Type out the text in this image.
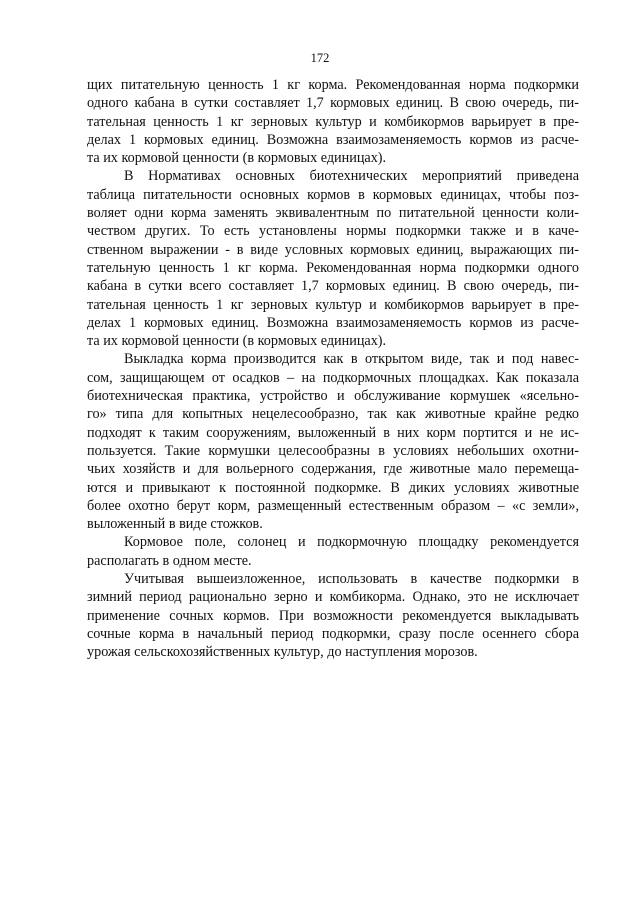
172
щих питательную ценность 1 кг корма. Рекомендованная норма подкормки
одного кабана в сутки составляет 1,7 кормовых единиц. В свою очередь, пи-
тательная ценность 1 кг зерновых культур и комбикормов варьирует в пре-
делах 1 кормовых единиц. Возможна взаимозаменяемость кормов из расче-
та их кормовой ценности (в кормовых единицах).
В Нормативах основных биотехнических мероприятий приведена
таблица питательности основных кормов в кормовых единицах, чтобы поз-
воляет одни корма заменять эквивалентным по питательной ценности коли-
чеством других. То есть установлены нормы подкормки также и в каче-
ственном выражении - в виде условных кормовых единиц, выражающих пи-
тательную ценность 1 кг корма. Рекомендованная норма подкормки одного
кабана в сутки всего составляет 1,7 кормовых единиц. В свою очередь, пи-
тательная ценность 1 кг зерновых культур и комбикормов варьирует в пре-
делах 1 кормовых единиц. Возможна взаимозаменяемость кормов из расче-
та их кормовой ценности (в кормовых единицах).
Выкладка корма производится как в открытом виде, так и под навес-
сом, защищающем от осадков – на подкормочных площадках. Как показала
биотехническая практика, устройство и обслуживание кормушек «ясельно-
го» типа для копытных нецелесообразно, так как животные крайне редко
подходят к таким сооружениям, выложенный в них корм портится и не ис-
пользуется. Такие кормушки целесообразны в условиях небольших охотни-
чьих хозяйств и для вольерного содержания, где животные мало перемеща-
ются и привыкают к постоянной подкормке. В диких условиях животные
более охотно берут корм, размещенный естественным образом – «с земли»,
выложенный в виде стожков.
Кормовое поле, солонец и подкормочную площадку рекомендуется
располагать в одном месте.
Учитывая вышеизложенное, использовать в качестве подкормки в
зимний период рационально зерно и комбикорма. Однако, это не исключает
применение сочных кормов. При возможности рекомендуется выкладывать
сочные корма в начальный период подкормки, сразу после осеннего сбора
урожая сельскохозяйственных культур, до наступления морозов.
